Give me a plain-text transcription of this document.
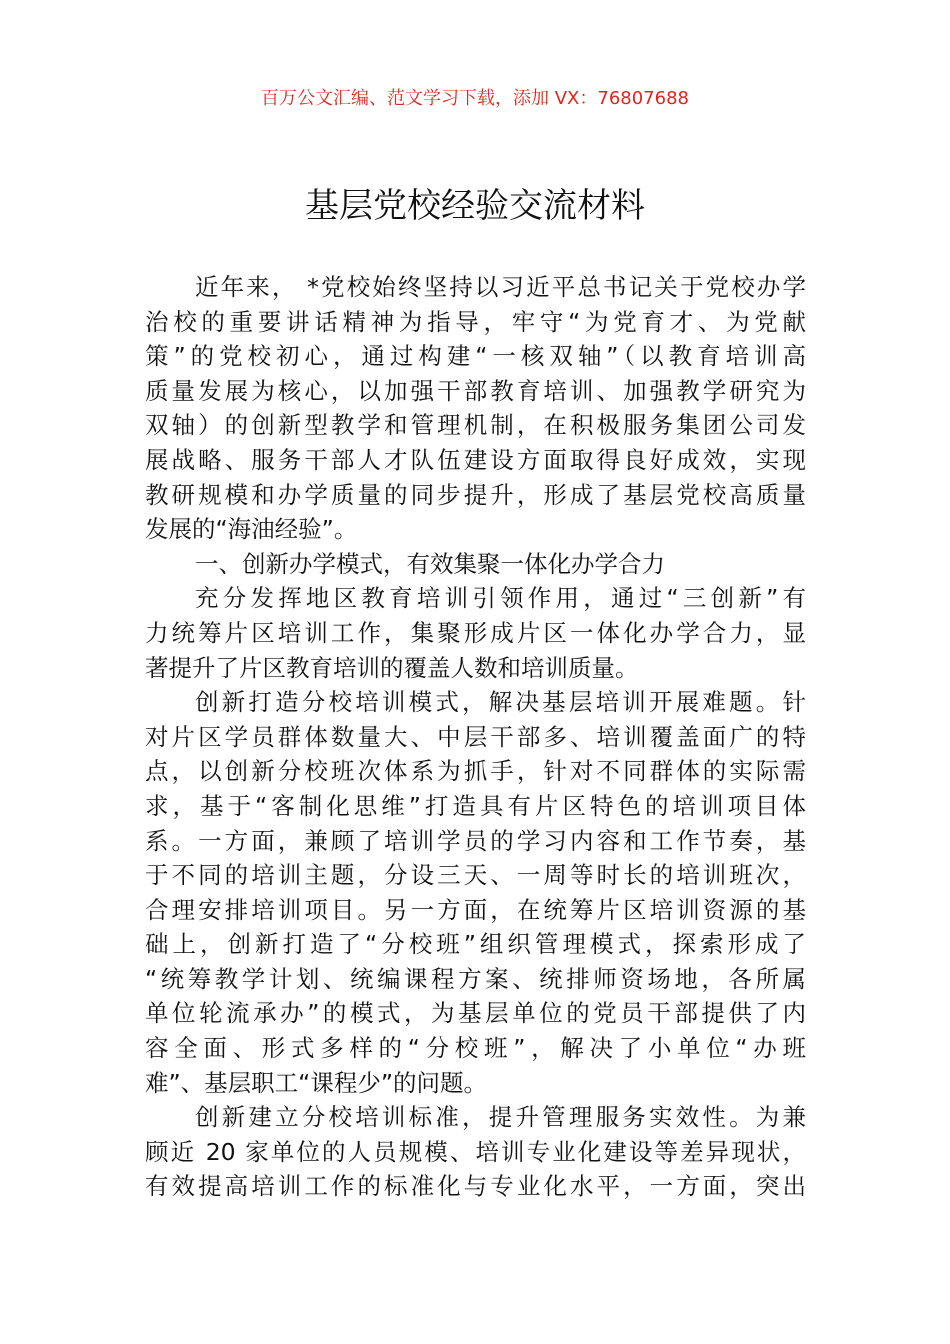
百万公文汇编、范文学习下载，添加 VX：76807688
基层党校经验交流材料
近年来， *党校始终坚持以习近平总书记关于党校办学
治校的重要讲话精神为指导，牢守“为党育才、为党献
策”的党校初心，通过构建“一核双轴”（以教育培训高
质量发展为核心，以加强干部教育培训、加强教学研究为
双轴）的创新型教学和管理机制，在积极服务集团公司发
展战略、服务干部人才队伍建设方面取得良好成效，实现
教研规模和办学质量的同步提升，形成了基层党校高质量
发展的“海油经验”。
一、创新办学模式，有效集聚一体化办学合力
充分发挥地区教育培训引领作用，通过“三创新”有
力统筹片区培训工作，集聚形成片区一体化办学合力，显
著提升了片区教育培训的覆盖人数和培训质量。
创新打造分校培训模式，解决基层培训开展难题。针
对片区学员群体数量大、中层干部多、培训覆盖面广的特
点，以创新分校班次体系为抓手，针对不同群体的实际需
求，基于“客制化思维”打造具有片区特色的培训项目体
系。一方面，兼顾了培训学员的学习内容和工作节奏，基
于不同的培训主题，分设三天、一周等时长的培训班次，
合理安排培训项目。另一方面，在统筹片区培训资源的基
础上，创新打造了“分校班”组织管理模式，探索形成了
“统筹教学计划、统编课程方案、统排师资场地，各所属
单位轮流承办”的模式，为基层单位的党员干部提供了内
容全面、形式多样的“分校班”，解决了小单位“办班
难”、基层职工“课程少”的问题。
创新建立分校培训标准，提升管理服务实效性。为兼
顾近 20 家单位的人员规模、培训专业化建设等差异现状，
有效提高培训工作的标准化与专业化水平，一方面，突出
